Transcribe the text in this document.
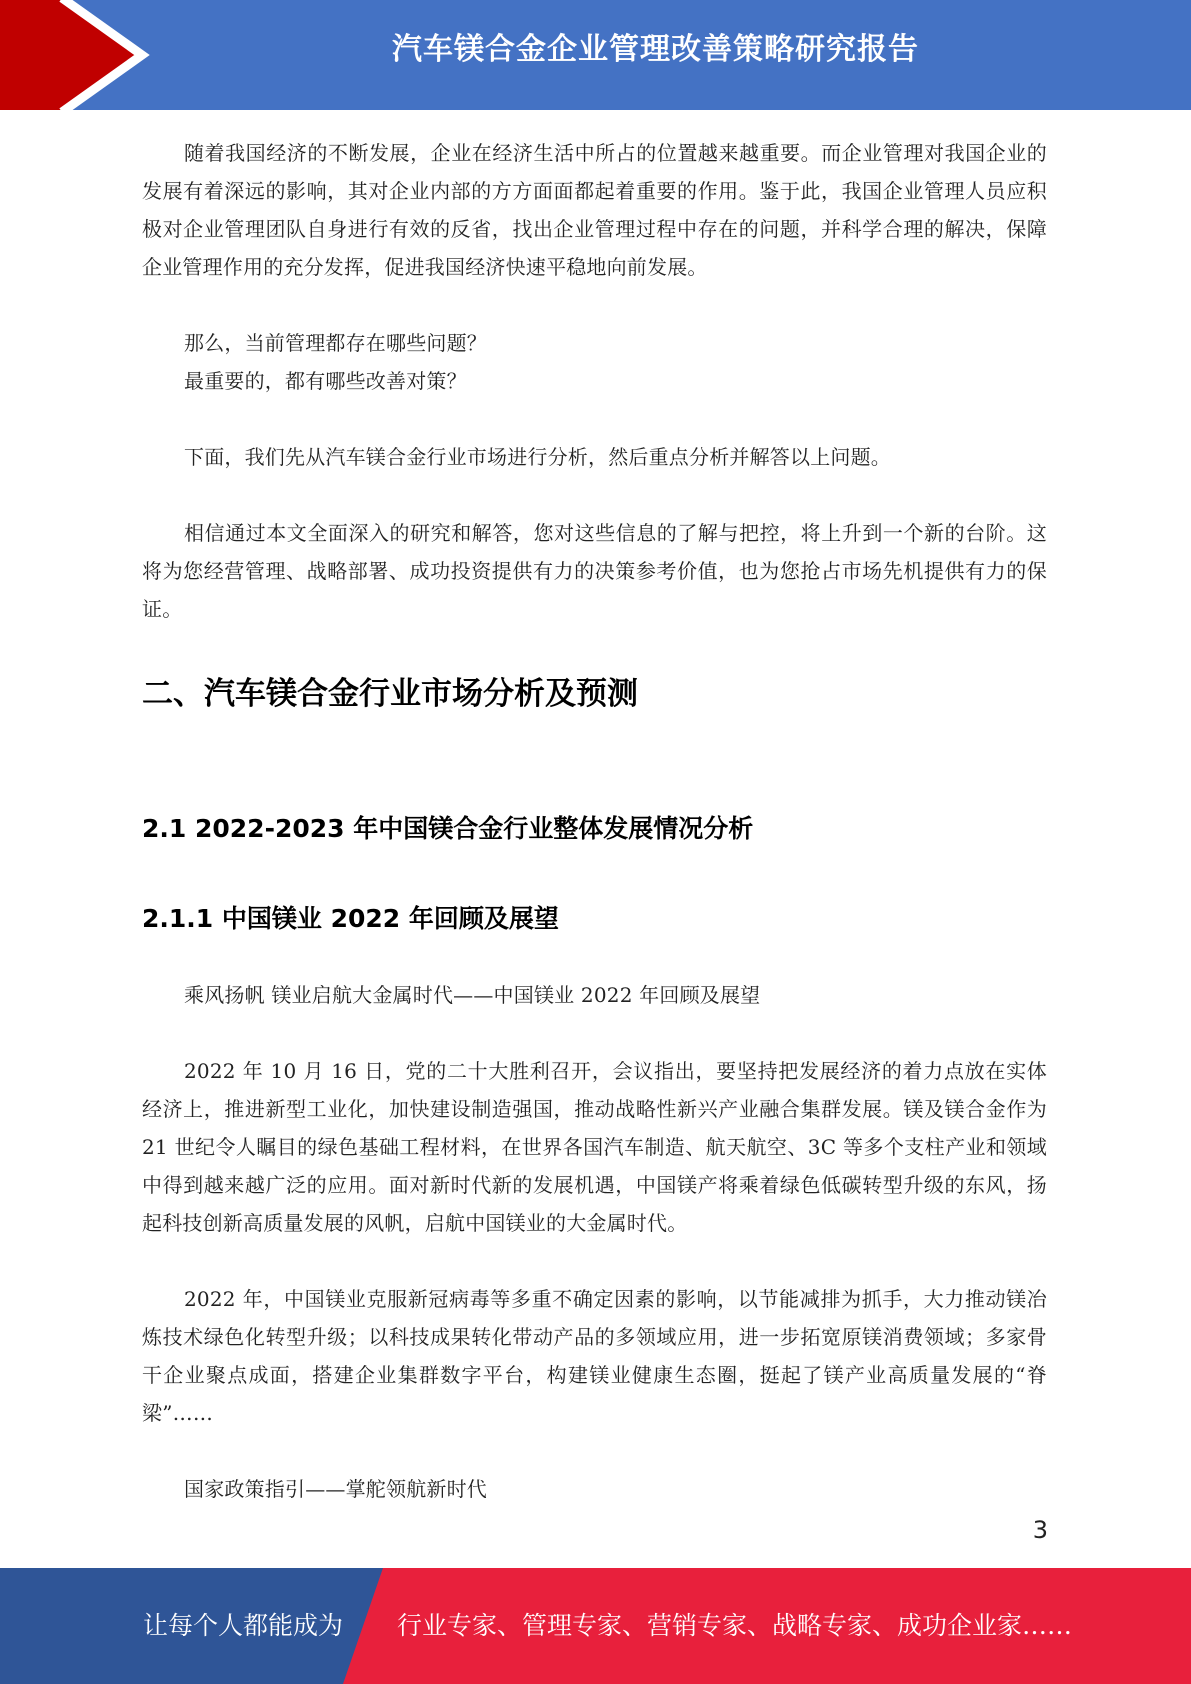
汽车镁合金企业管理改善策略研究报告

随着我国经济的不断发展，企业在经济生活中所占的位置越来越重要。而企业管理对我国企业的发展有着深远的影响，其对企业内部的方方面面都起着重要的作用。鉴于此，我国企业管理人员应积极对企业管理团队自身进行有效的反省，找出企业管理过程中存在的问题，并科学合理的解决，保障企业管理作用的充分发挥，促进我国经济快速平稳地向前发展。

那么，当前管理都存在哪些问题？

最重要的，都有哪些改善对策？

下面，我们先从汽车镁合金行业市场进行分析，然后重点分析并解答以上问题。

相信通过本文全面深入的研究和解答，您对这些信息的了解与把控，将上升到一个新的台阶。这将为您经营管理、战略部署、成功投资提供有力的决策参考价值，也为您抢占市场先机提供有力的保证。

二、汽车镁合金行业市场分析及预测
2.1 2022-2023 年中国镁合金行业整体发展情况分析
2.1.1 中国镁业 2022 年回顾及展望

乘风扬帆 镁业启航大金属时代——中国镁业 2022 年回顾及展望

2022 年 10 月 16 日，党的二十大胜利召开，会议指出，要坚持把发展经济的着力点放在实体经济上，推进新型工业化，加快建设制造强国，推动战略性新兴产业融合集群发展。镁及镁合金作为 21 世纪令人瞩目的绿色基础工程材料，在世界各国汽车制造、航天航空、3C 等多个支柱产业和领域中得到越来越广泛的应用。面对新时代新的发展机遇，中国镁产将乘着绿色低碳转型升级的东风，扬起科技创新高质量发展的风帆，启航中国镁业的大金属时代。

2022 年，中国镁业克服新冠病毒等多重不确定因素的影响，以节能减排为抓手，大力推动镁冶炼技术绿色化转型升级；以科技成果转化带动产品的多领域应用，进一步拓宽原镁消费领域；多家骨干企业聚点成面，搭建企业集群数字平台，构建镁业健康生态圈，挺起了镁产业高质量发展的“脊梁”……

国家政策指引——掌舵领航新时代

3
让每个人都能成为 行业专家、管理专家、营销专家、战略专家、成功企业家……
